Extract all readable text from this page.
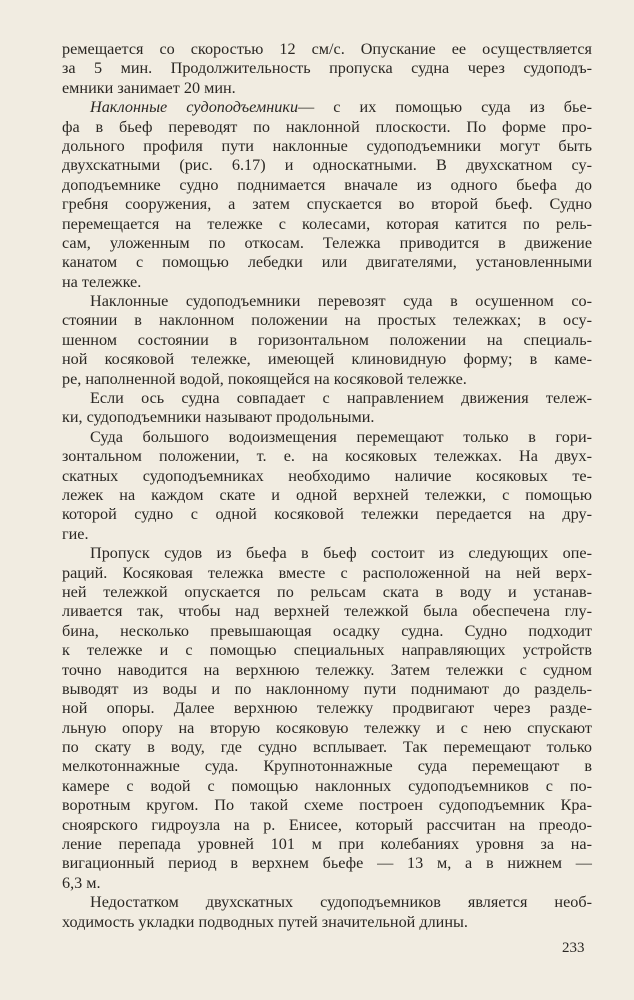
ремещается со скоростью 12 см/с. Опускание ее осуществляется
за 5 мин. Продолжительность пропуска судна через судоподъ-
емники занимает 20 мин.
Наклонные судоподъемники— с их помощью суда из бье-
фа в бьеф переводят по наклонной плоскости. По форме про-
дольного профиля пути наклонные судоподъемники могут быть
двухскатными (рис. 6.17) и односкатными. В двухскатном су-
доподъемнике судно поднимается вначале из одного бьефа до
гребня сооружения, а затем спускается во второй бьеф. Судно
перемещается на тележке с колесами, которая катится по рель-
сам, уложенным по откосам. Тележка приводится в движение
канатом с помощью лебедки или двигателями, установленными
на тележке.
Наклонные судоподъемники перевозят суда в осушенном со-
стоянии в наклонном положении на простых тележках; в осу-
шенном состоянии в горизонтальном положении на специаль-
ной косяковой тележке, имеющей клиновидную форму; в каме-
ре, наполненной водой, покоящейся на косяковой тележке.
Если ось судна совпадает с направлением движения тележ-
ки, судоподъемники называют продольными.
Суда большого водоизмещения перемещают только в гори-
зонтальном положении, т. е. на косяковых тележках. На двух-
скатных судоподъемниках необходимо наличие косяковых те-
лежек на каждом скате и одной верхней тележки, с помощью
которой судно с одной косяковой тележки передается на дру-
гие.
Пропуск судов из бьефа в бьеф состоит из следующих опе-
раций. Косяковая тележка вместе с расположенной на ней верх-
ней тележкой опускается по рельсам ската в воду и устанав-
ливается так, чтобы над верхней тележкой была обеспечена глу-
бина, несколько превышающая осадку судна. Судно подходит
к тележке и с помощью специальных направляющих устройств
точно наводится на верхнюю тележку. Затем тележки с судном
выводят из воды и по наклонному пути поднимают до раздель-
ной опоры. Далее верхнюю тележку продвигают через разде-
льную опору на вторую косяковую тележку и с нею спускают
по скату в воду, где судно всплывает. Так перемещают только
мелкотоннажные суда. Крупнотоннажные суда перемещают в
камере с водой с помощью наклонных судоподъемников с по-
воротным кругом. По такой схеме построен судоподъемник Кра-
сноярского гидроузла на р. Енисее, который рассчитан на преодо-
ление перепада уровней 101 м при колебаниях уровня за на-
вигационный период в верхнем бьефе — 13 м, а в нижнем —
6,3 м.
Недостатком двухскатных судоподъемников является необ-
ходимость укладки подводных путей значительной длины.
233
